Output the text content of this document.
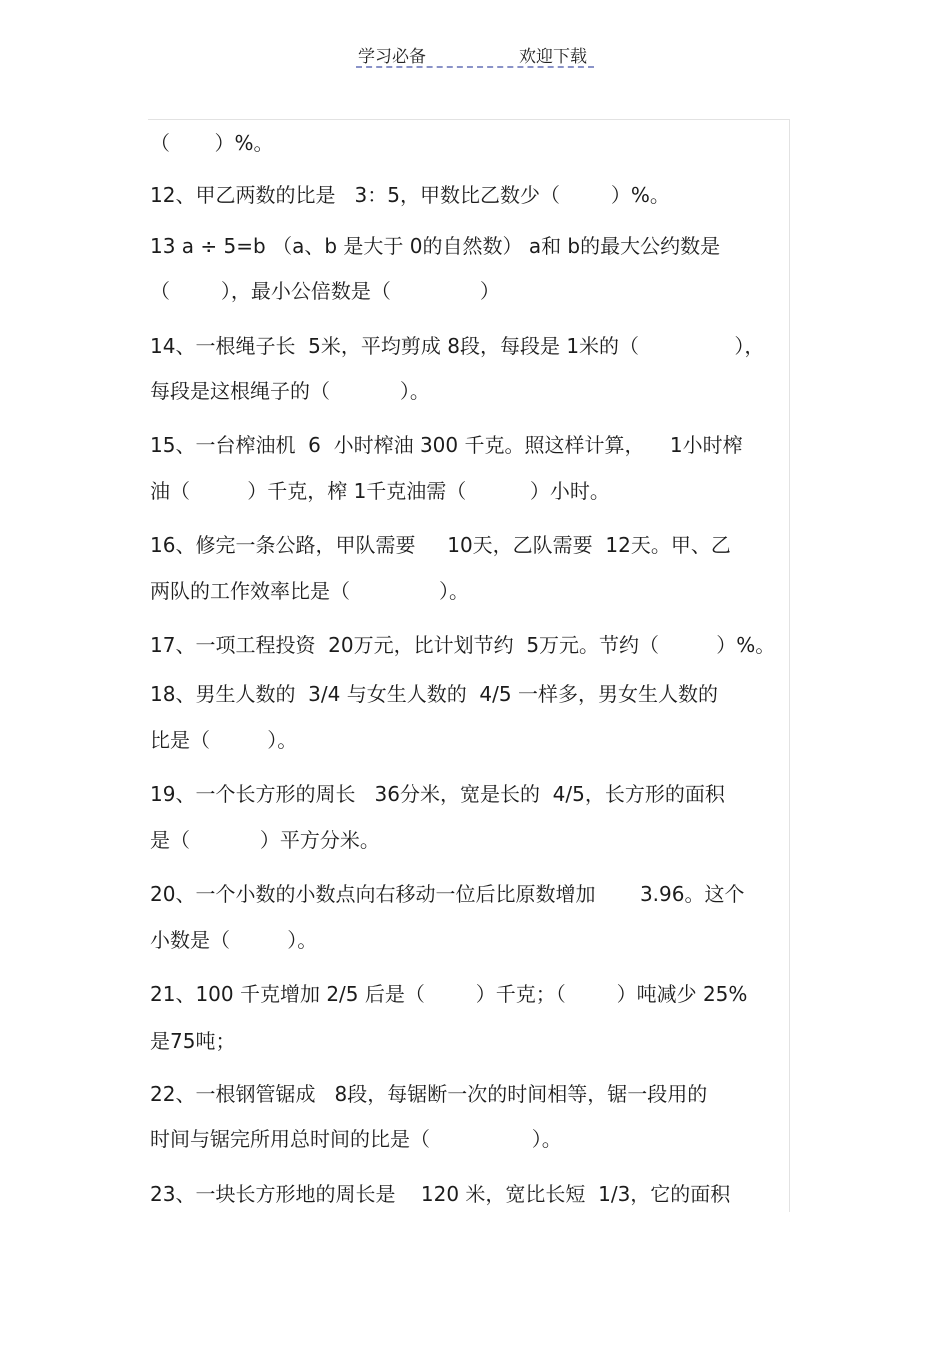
学习必备	欢迎下载
（       ）%。
12、甲乙两数的比是   3：5，甲数比乙数少（        ）%。
13 a ÷ 5=b （a、b 是大于 0的自然数） a和 b的最大公约数是
（        ），最小公倍数是（              ）
14、一根绳子长  5米，平均剪成 8段，每段是 1米的（               ），
每段是这根绳子的（           ）。
15、一台榨油机  6  小时榨油 300 千克。照这样计算，    1小时榨
油（         ）千克，榨 1千克油需（          ）小时。
16、修完一条公路，甲队需要     10天，乙队需要  12天。甲、乙
两队的工作效率比是（              ）。
17、一项工程投资  20万元，比计划节约  5万元。节约（         ）%。
18、男生人数的  3/4 与女生人数的  4/5 一样多，男女生人数的
比是（         ）。
19、一个长方形的周长   36分米，宽是长的  4/5，长方形的面积
是（           ）平方分米。
20、一个小数的小数点向右移动一位后比原数增加       3.96。这个
小数是（         ）。
21、100 千克增加 2/5 后是（        ）千克；（        ）吨减少 25%
是75吨；
22、一根钢管锯成   8段，每锯断一次的时间相等，锯一段用的
时间与锯完所用总时间的比是（                ）。
23、一块长方形地的周长是    120 米，宽比长短  1/3，它的面积
